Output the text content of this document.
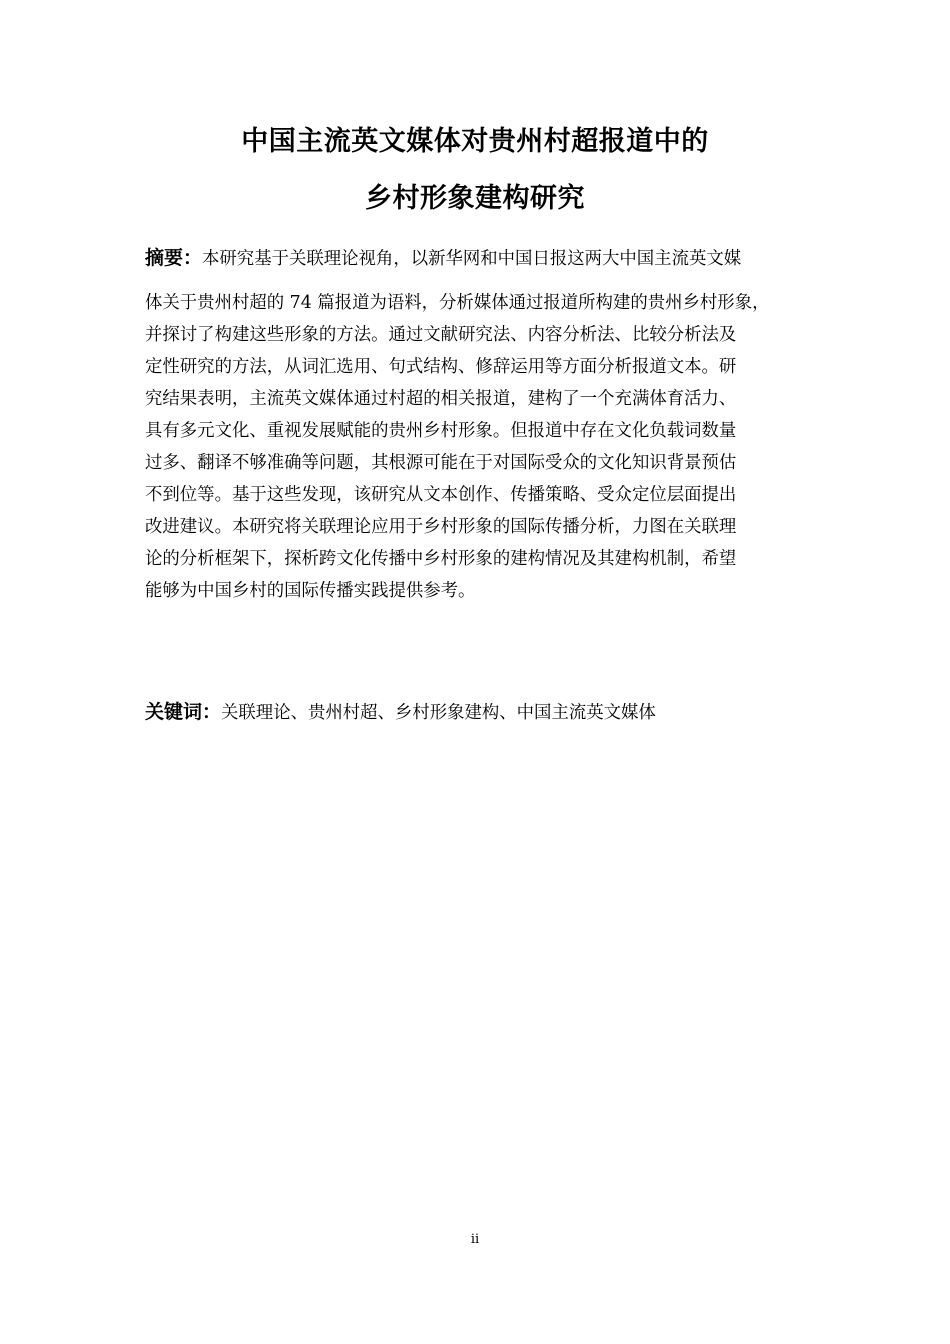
中国主流英文媒体对贵州村超报道中的
乡村形象建构研究
摘要：本研究基于关联理论视角，以新华网和中国日报这两大中国主流英文媒
体关于贵州村超的 74 篇报道为语料，分析媒体通过报道所构建的贵州乡村形象，
并探讨了构建这些形象的方法。通过文献研究法、内容分析法、比较分析法及
定性研究的方法，从词汇选用、句式结构、修辞运用等方面分析报道文本。研
究结果表明，主流英文媒体通过村超的相关报道，建构了一个充满体育活力、
具有多元文化、重视发展赋能的贵州乡村形象。但报道中存在文化负载词数量
过多、翻译不够准确等问题，其根源可能在于对国际受众的文化知识背景预估
不到位等。基于这些发现，该研究从文本创作、传播策略、受众定位层面提出
改进建议。本研究将关联理论应用于乡村形象的国际传播分析，力图在关联理
论的分析框架下，探析跨文化传播中乡村形象的建构情况及其建构机制，希望
能够为中国乡村的国际传播实践提供参考。
关键词：关联理论、贵州村超、乡村形象建构、中国主流英文媒体
ii
